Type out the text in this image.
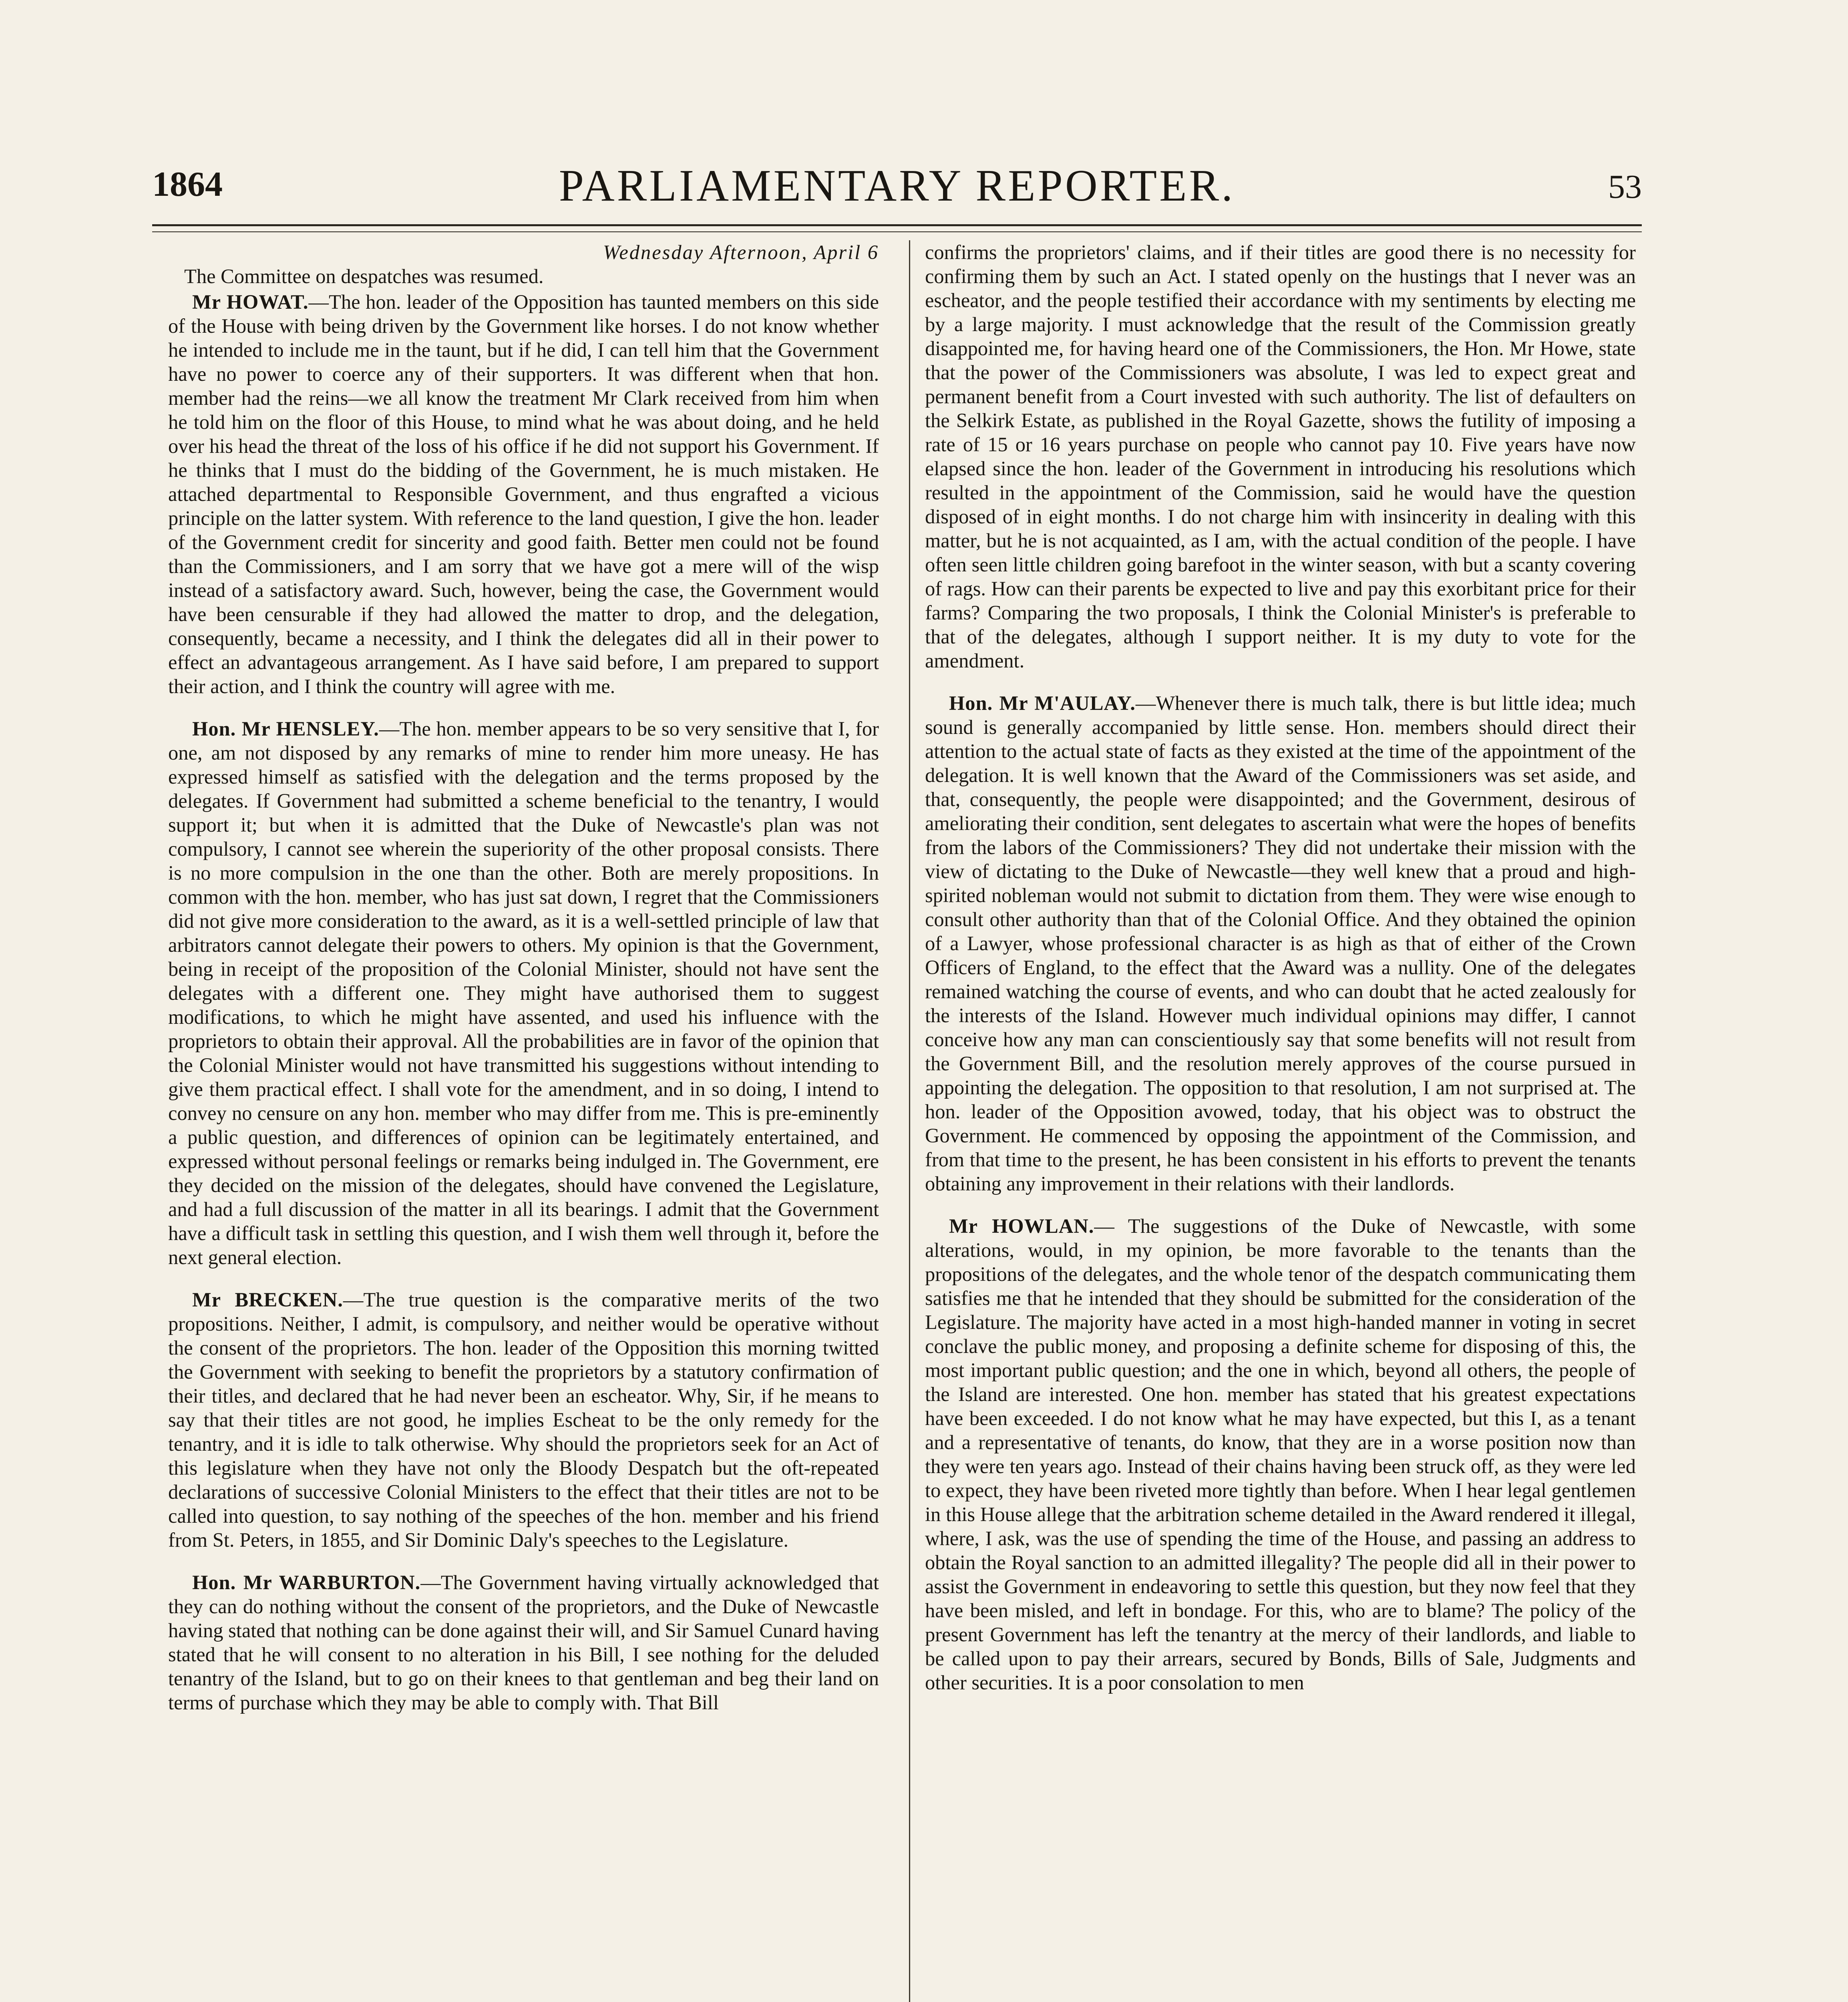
1864	PARLIAMENTARY REPORTER.	53

Wednesday Afternoon, April 6

The Committee on despatches was resumed.

Mr HOWAT.—The hon. leader of the Opposition has taunted members on this side of the House with being driven by the Government like horses. I do not know whether he intended to include me in the taunt, but if he did, I can tell him that the Government have no power to coerce any of their supporters. It was different when that hon. member had the reins—we all know the treatment Mr Clark received from him when he told him on the floor of this House, to mind what he was about doing, and he held over his head the threat of the loss of his office if he did not support his Government. If he thinks that I must do the bidding of the Government, he is much mistaken. He attached departmental to Responsible Government, and thus engrafted a vicious principle on the latter system. With reference to the land question, I give the hon. leader of the Government credit for sincerity and good faith. Better men could not be found than the Commissioners, and I am sorry that we have got a mere will of the wisp instead of a satisfactory award. Such, however, being the case, the Government would have been censurable if they had allowed the matter to drop, and the delegation, consequently, became a necessity, and I think the delegates did all in their power to effect an advantageous arrangement. As I have said before, I am prepared to support their action, and I think the country will agree with me.

Hon. Mr HENSLEY.—The hon. member appears to be so very sensitive that I, for one, am not disposed by any remarks of mine to render him more uneasy. He has expressed himself as satisfied with the delegation and the terms proposed by the delegates. If Government had submitted a scheme beneficial to the tenantry, I would support it; but when it is admitted that the Duke of Newcastle's plan was not compulsory, I cannot see wherein the superiority of the other proposal consists. There is no more compulsion in the one than the other. Both are merely propositions. In common with the hon. member, who has just sat down, I regret that the Commissioners did not give more consideration to the award, as it is a well-settled principle of law that arbitrators cannot delegate their powers to others. My opinion is that the Government, being in receipt of the proposition of the Colonial Minister, should not have sent the delegates with a different one. They might have authorised them to suggest modifications, to which he might have assented, and used his influence with the proprietors to obtain their approval. All the probabilities are in favor of the opinion that the Colonial Minister would not have transmitted his suggestions without intending to give them practical effect. I shall vote for the amendment, and in so doing, I intend to convey no censure on any hon. member who may differ from me. This is pre-eminently a public question, and differences of opinion can be legitimately entertained, and expressed without personal feelings or remarks being indulged in. The Government, ere they decided on the mission of the delegates, should have convened the Legislature, and had a full discussion of the matter in all its bearings. I admit that the Government have a difficult task in settling this question, and I wish them well through it, before the next general election.

Mr BRECKEN.—The true question is the comparative merits of the two propositions. Neither, I admit, is compulsory, and neither would be operative without the consent of the proprietors. The hon. leader of the Opposition this morning twitted the Government with seeking to benefit the proprietors by a statutory confirmation of their titles, and declared that he had never been an escheator. Why, Sir, if he means to say that their titles are not good, he implies Escheat to be the only remedy for the tenantry, and it is idle to talk otherwise. Why should the proprietors seek for an Act of this legislature when they have not only the Bloody Despatch but the oft-repeated declarations of successive Colonial Ministers to the effect that their titles are not to be called into question, to say nothing of the speeches of the hon. member and his friend from St. Peters, in 1855, and Sir Dominic Daly's speeches to the Legislature.

Hon. Mr WARBURTON.—The Government having virtually acknowledged that they can do nothing without the consent of the proprietors, and the Duke of Newcastle having stated that nothing can be done against their will, and Sir Samuel Cunard having stated that he will consent to no alteration in his Bill, I see nothing for the deluded tenantry of the Island, but to go on their knees to that gentleman and beg their land on terms of purchase which they may be able to comply with. That Bill

confirms the proprietors' claims, and if their titles are good there is no necessity for confirming them by such an Act. I stated openly on the hustings that I never was an escheator, and the people testified their accordance with my sentiments by electing me by a large majority. I must acknowledge that the result of the Commission greatly disappointed me, for having heard one of the Commissioners, the Hon. Mr Howe, state that the power of the Commissioners was absolute, I was led to expect great and permanent benefit from a Court invested with such authority. The list of defaulters on the Selkirk Estate, as published in the Royal Gazette, shows the futility of imposing a rate of 15 or 16 years purchase on people who cannot pay 10. Five years have now elapsed since the hon. leader of the Government in introducing his resolutions which resulted in the appointment of the Commission, said he would have the question disposed of in eight months. I do not charge him with insincerity in dealing with this matter, but he is not acquainted, as I am, with the actual condition of the people. I have often seen little children going barefoot in the winter season, with but a scanty covering of rags. How can their parents be expected to live and pay this exorbitant price for their farms? Comparing the two proposals, I think the Colonial Minister's is preferable to that of the delegates, although I support neither. It is my duty to vote for the amendment.

Hon. Mr M'AULAY.—Whenever there is much talk, there is but little idea; much sound is generally accompanied by little sense. Hon. members should direct their attention to the actual state of facts as they existed at the time of the appointment of the delegation. It is well known that the Award of the Commissioners was set aside, and that, consequently, the people were disappointed; and the Government, desirous of ameliorating their condition, sent delegates to ascertain what were the hopes of benefits from the labors of the Commissioners? They did not undertake their mission with the view of dictating to the Duke of Newcastle—they well knew that a proud and high-spirited nobleman would not submit to dictation from them. They were wise enough to consult other authority than that of the Colonial Office. And they obtained the opinion of a Lawyer, whose professional character is as high as that of either of the Crown Officers of England, to the effect that the Award was a nullity. One of the delegates remained watching the course of events, and who can doubt that he acted zealously for the interests of the Island. However much individual opinions may differ, I cannot conceive how any man can conscientiously say that some benefits will not result from the Government Bill, and the resolution merely approves of the course pursued in appointing the delegation. The opposition to that resolution, I am not surprised at. The hon. leader of the Opposition avowed, today, that his object was to obstruct the Government. He commenced by opposing the appointment of the Commission, and from that time to the present, he has been consistent in his efforts to prevent the tenants obtaining any improvement in their relations with their landlords.

Mr HOWLAN.— The suggestions of the Duke of Newcastle, with some alterations, would, in my opinion, be more favorable to the tenants than the propositions of the delegates, and the whole tenor of the despatch communicating them satisfies me that he intended that they should be submitted for the consideration of the Legislature. The majority have acted in a most high-handed manner in voting in secret conclave the public money, and proposing a definite scheme for disposing of this, the most important public question; and the one in which, beyond all others, the people of the Island are interested. One hon. member has stated that his greatest expectations have been exceeded. I do not know what he may have expected, but this I, as a tenant and a representative of tenants, do know, that they are in a worse position now than they were ten years ago. Instead of their chains having been struck off, as they were led to expect, they have been riveted more tightly than before. When I hear legal gentlemen in this House allege that the arbitration scheme detailed in the Award rendered it illegal, where, I ask, was the use of spending the time of the House, and passing an address to obtain the Royal sanction to an admitted illegality? The people did all in their power to assist the Government in endeavoring to settle this question, but they now feel that they have been misled, and left in bondage. For this, who are to blame? The policy of the present Government has left the tenantry at the mercy of their landlords, and liable to be called upon to pay their arrears, secured by Bonds, Bills of Sale, Judgments and other securities. It is a poor consolation to men
